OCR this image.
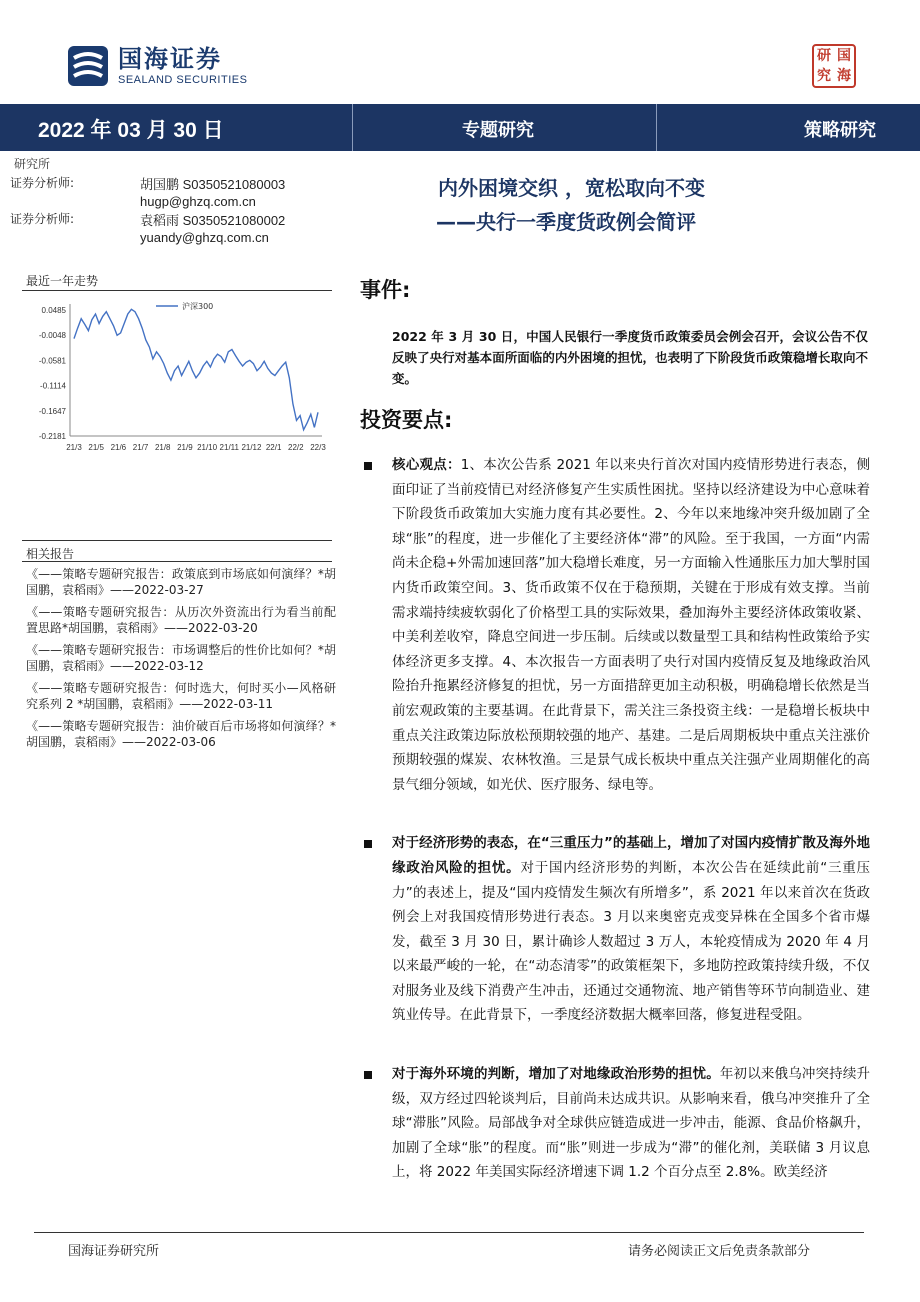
国海证券
SEALAND SECURITIES
研 国
究 海
2022 年 03 月 30 日	专题研究	策略研究
研究所
证券分析师:	胡国鹏 S0350521080003
hugp@ghzq.com.cn
证券分析师:	袁稻雨 S0350521080002
yuandy@ghzq.com.cn
最近一年走势
0.0485
-0.0048
-0.0581
-0.1114
-0.1647
-0.2181
21/3 21/5 21/6 21/7 21/8 21/9 21/10 21/11 21/12 22/1 22/2 22/3
沪深300
相关报告
《——策略专题研究报告：政策底到市场底如何演绎？*胡国鹏，袁稻雨》——2022-03-27
《——策略专题研究报告：从历次外资流出行为看当前配置思路*胡国鹏，袁稻雨》——2022-03-20
《——策略专题研究报告：市场调整后的性价比如何？*胡国鹏，袁稻雨》——2022-03-12
《——策略专题研究报告：何时选大，何时买小—风格研究系列 2 *胡国鹏，袁稻雨》——2022-03-11
《——策略专题研究报告：油价破百后市场将如何演绎？*胡国鹏，袁稻雨》——2022-03-06
内外困境交织 ，宽松取向不变
——央行一季度货政例会简评
事件:
2022 年 3 月 30 日，中国人民银行一季度货币政策委员会例会召开，会议公告不仅反映了央行对基本面所面临的内外困境的担忧，也表明了下阶段货币政策稳增长取向不变。
投资要点:
核心观点：1、本次公告系 2021 年以来央行首次对国内疫情形势进行表态，侧面印证了当前疫情已对经济修复产生实质性困扰。坚持以经济建设为中心意味着下阶段货币政策加大实施力度有其必要性。2、今年以来地缘冲突升级加剧了全球“胀”的程度，进一步催化了主要经济体“滞”的风险。至于我国，一方面“内需尚未企稳+外需加速回落”加大稳增长难度，另一方面输入性通胀压力加大掣肘国内货币政策空间。3、货币政策不仅在于稳预期，关键在于形成有效支撑。当前需求端持续疲软弱化了价格型工具的实际效果，叠加海外主要经济体政策收紧、中美利差收窄，降息空间进一步压制。后续或以数量型工具和结构性政策给予实体经济更多支撑。4、本次报告一方面表明了央行对国内疫情反复及地缘政治风险抬升拖累经济修复的担忧，另一方面措辞更加主动积极，明确稳增长依然是当前宏观政策的主要基调。在此背景下，需关注三条投资主线：一是稳增长板块中重点关注政策边际放松预期较强的地产、基建。二是后周期板块中重点关注涨价预期较强的煤炭、农林牧渔。三是景气成长板块中重点关注强产业周期催化的高景气细分领域，如光伏、医疗服务、绿电等。
对于经济形势的表态，在“三重压力”的基础上，增加了对国内疫情扩散及海外地缘政治风险的担忧。对于国内经济形势的判断，本次公告在延续此前“三重压力”的表述上，提及“国内疫情发生频次有所增多”，系 2021 年以来首次在货政例会上对我国疫情形势进行表态。3 月以来奥密克戎变异株在全国多个省市爆发，截至 3 月 30 日，累计确诊人数超过 3 万人，本轮疫情成为 2020 年 4 月以来最严峻的一轮，在“动态清零”的政策框架下，多地防控政策持续升级，不仅对服务业及线下消费产生冲击，还通过交通物流、地产销售等环节向制造业、建筑业传导。在此背景下，一季度经济数据大概率回落，修复进程受阻。
对于海外环境的判断，增加了对地缘政治形势的担忧。年初以来俄乌冲突持续升级，双方经过四轮谈判后，目前尚未达成共识。从影响来看，俄乌冲突推升了全球“滞胀”风险。局部战争对全球供应链造成进一步冲击，能源、食品价格飙升，加剧了全球“胀”的程度。而“胀”则进一步成为“滞”的催化剂，美联储 3 月议息上，将 2022 年美国实际经济增速下调 1.2 个百分点至 2.8%。欧美经济
国海证券研究所	请务必阅读正文后免责条款部分
